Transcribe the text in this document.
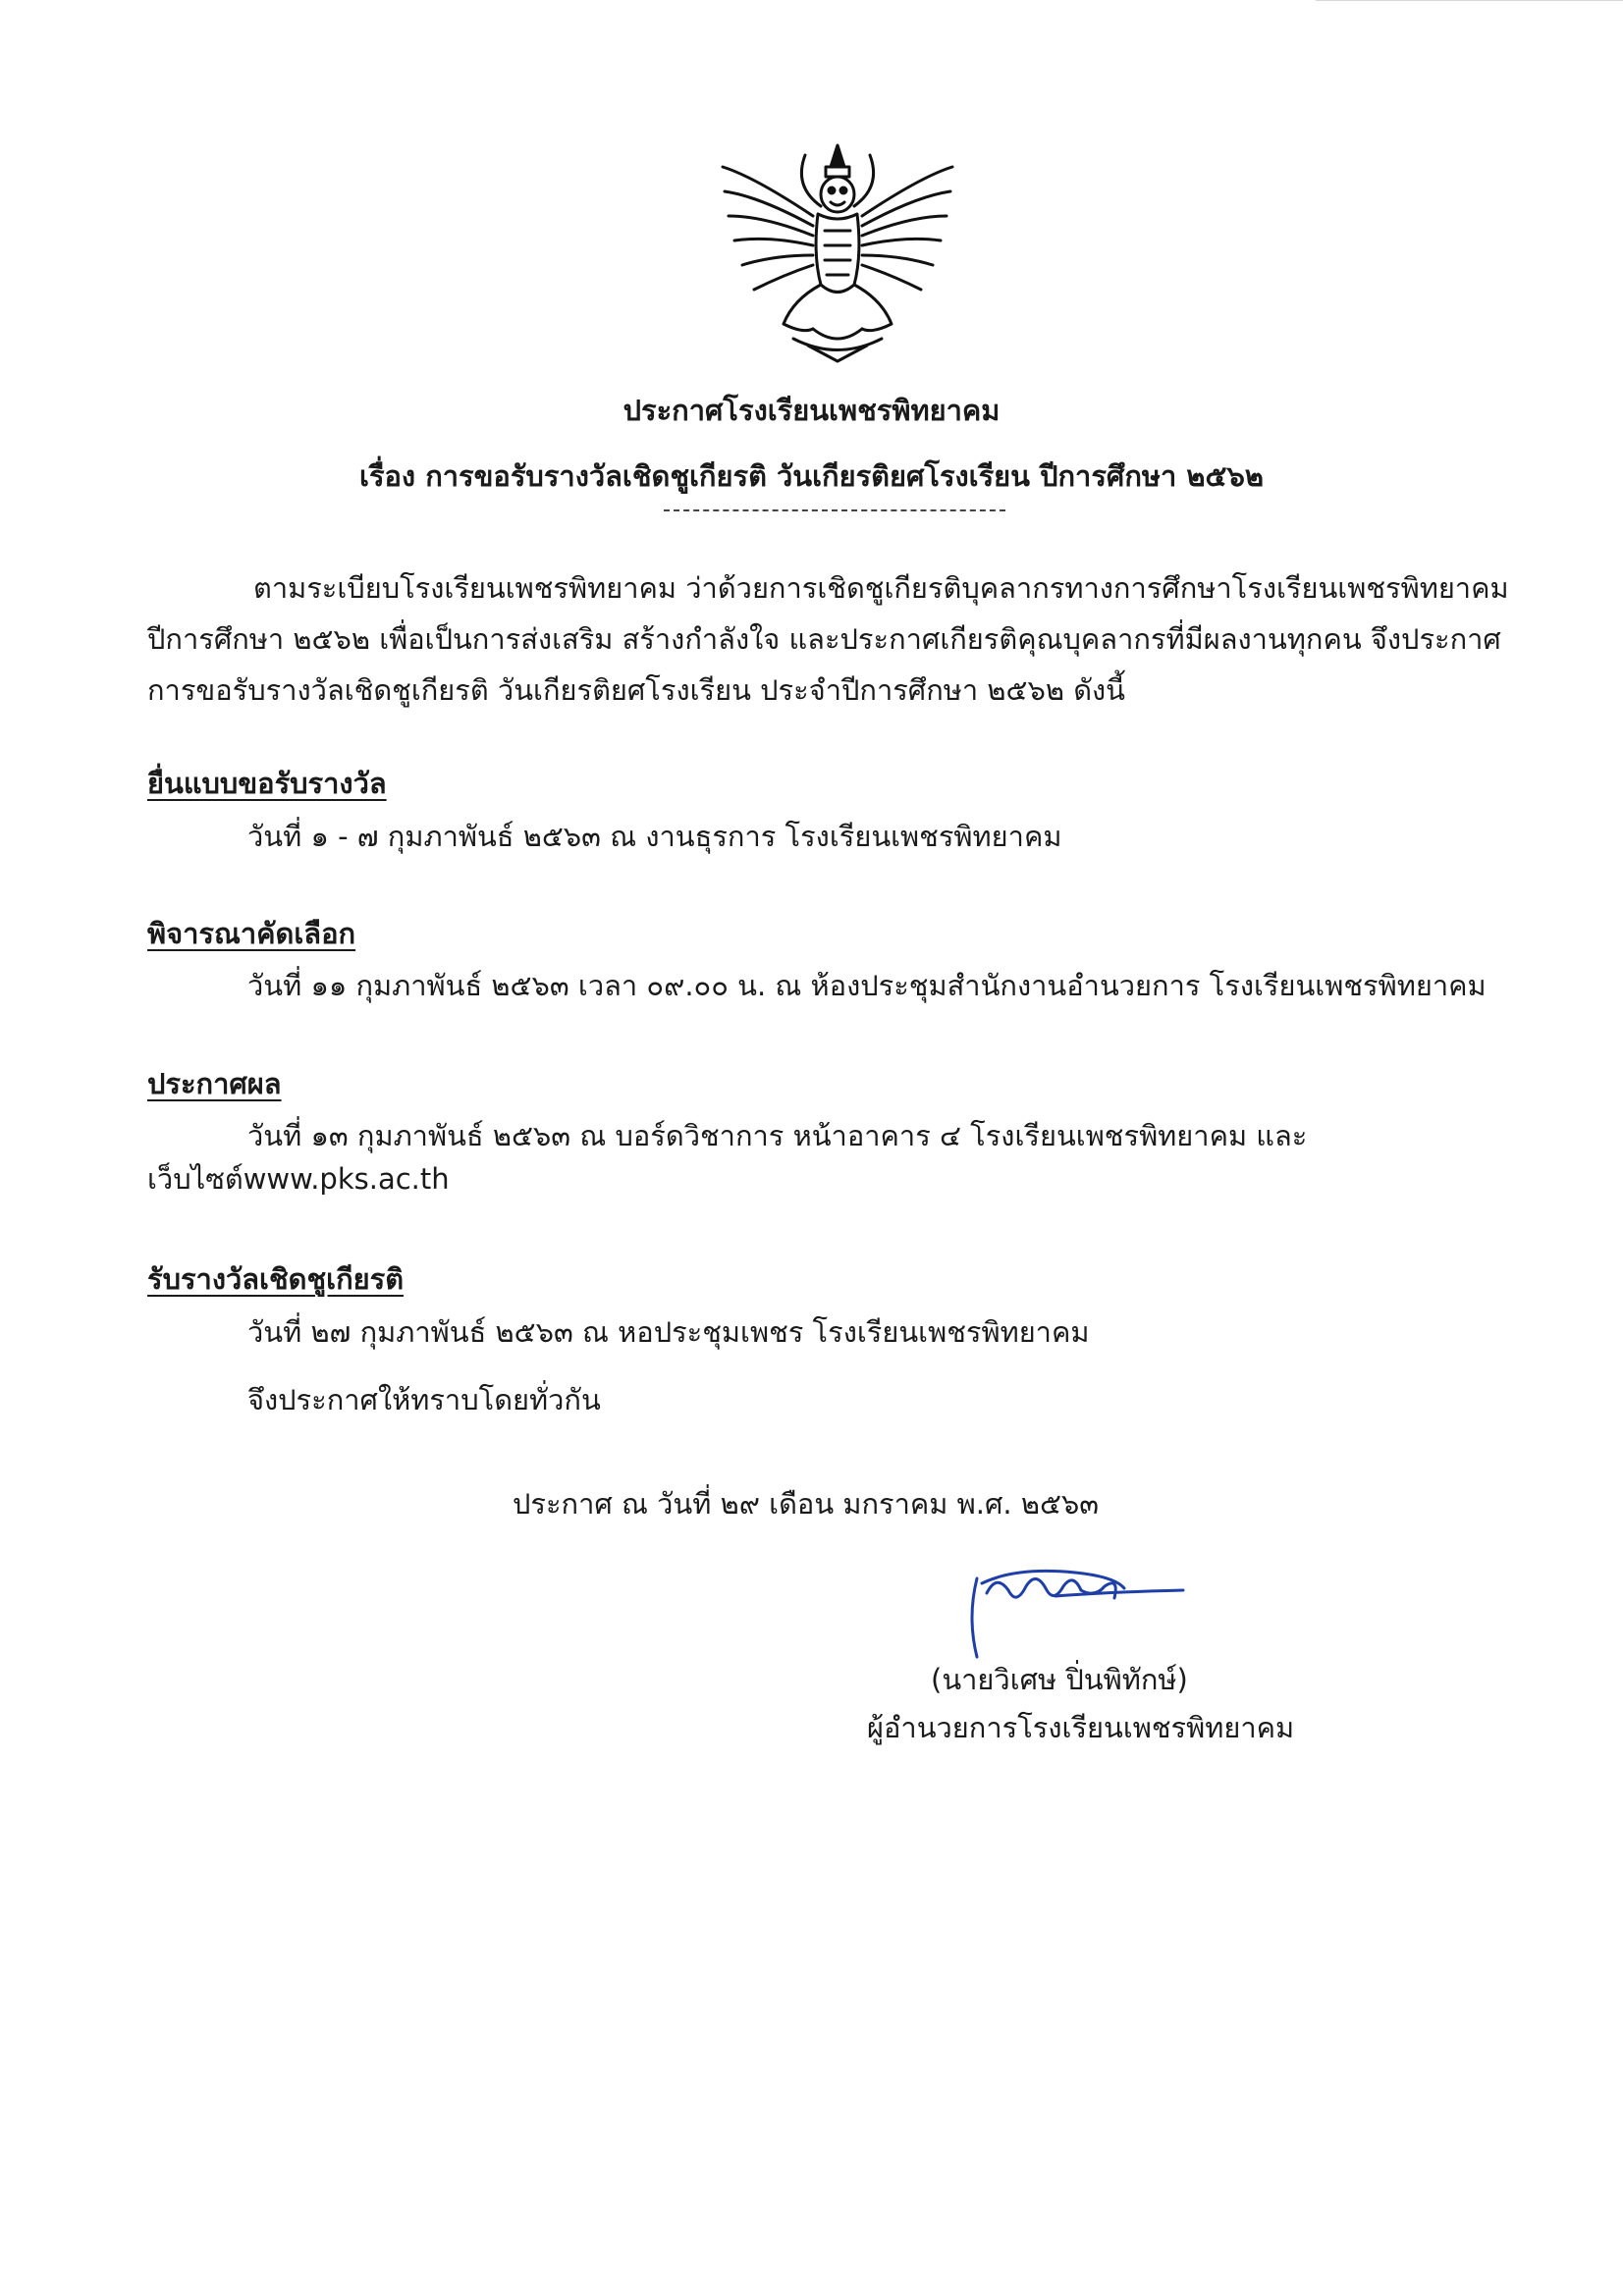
ประกาศโรงเรียนเพชรพิทยาคม
เรื่อง การขอรับรางวัลเชิดชูเกียรติ วันเกียรติยศโรงเรียน ปีการศึกษา ๒๕๖๒
ตามระเบียบโรงเรียนเพชรพิทยาคม ว่าด้วยการเชิดชูเกียรติบุคลากรทางการศึกษาโรงเรียนเพชรพิทยาคม
ปีการศึกษา ๒๕๖๒ เพื่อเป็นการส่งเสริม สร้างกำลังใจ และประกาศเกียรติคุณบุคลากรที่มีผลงานทุกคน จึงประกาศ
การขอรับรางวัลเชิดชูเกียรติ วันเกียรติยศโรงเรียน ประจำปีการศึกษา ๒๕๖๒ ดังนี้
ยื่นแบบขอรับรางวัล
วันที่ ๑ - ๗ กุมภาพันธ์ ๒๕๖๓ ณ งานธุรการ โรงเรียนเพชรพิทยาคม
พิจารณาคัดเลือก
วันที่ ๑๑ กุมภาพันธ์ ๒๕๖๓ เวลา ๐๙.๐๐ น. ณ ห้องประชุมสำนักงานอำนวยการ โรงเรียนเพชรพิทยาคม
ประกาศผล
วันที่ ๑๓ กุมภาพันธ์ ๒๕๖๓ ณ บอร์ดวิชาการ หน้าอาคาร ๔ โรงเรียนเพชรพิทยาคม และ
เว็บไซต์www.pks.ac.th
รับรางวัลเชิดชูเกียรติ
วันที่ ๒๗ กุมภาพันธ์ ๒๕๖๓ ณ หอประชุมเพชร โรงเรียนเพชรพิทยาคม
จึงประกาศให้ทราบโดยทั่วกัน
ประกาศ ณ วันที่ ๒๙ เดือน มกราคม พ.ศ. ๒๕๖๓
(นายวิเศษ ปิ่นพิทักษ์)
ผู้อำนวยการโรงเรียนเพชรพิทยาคม
